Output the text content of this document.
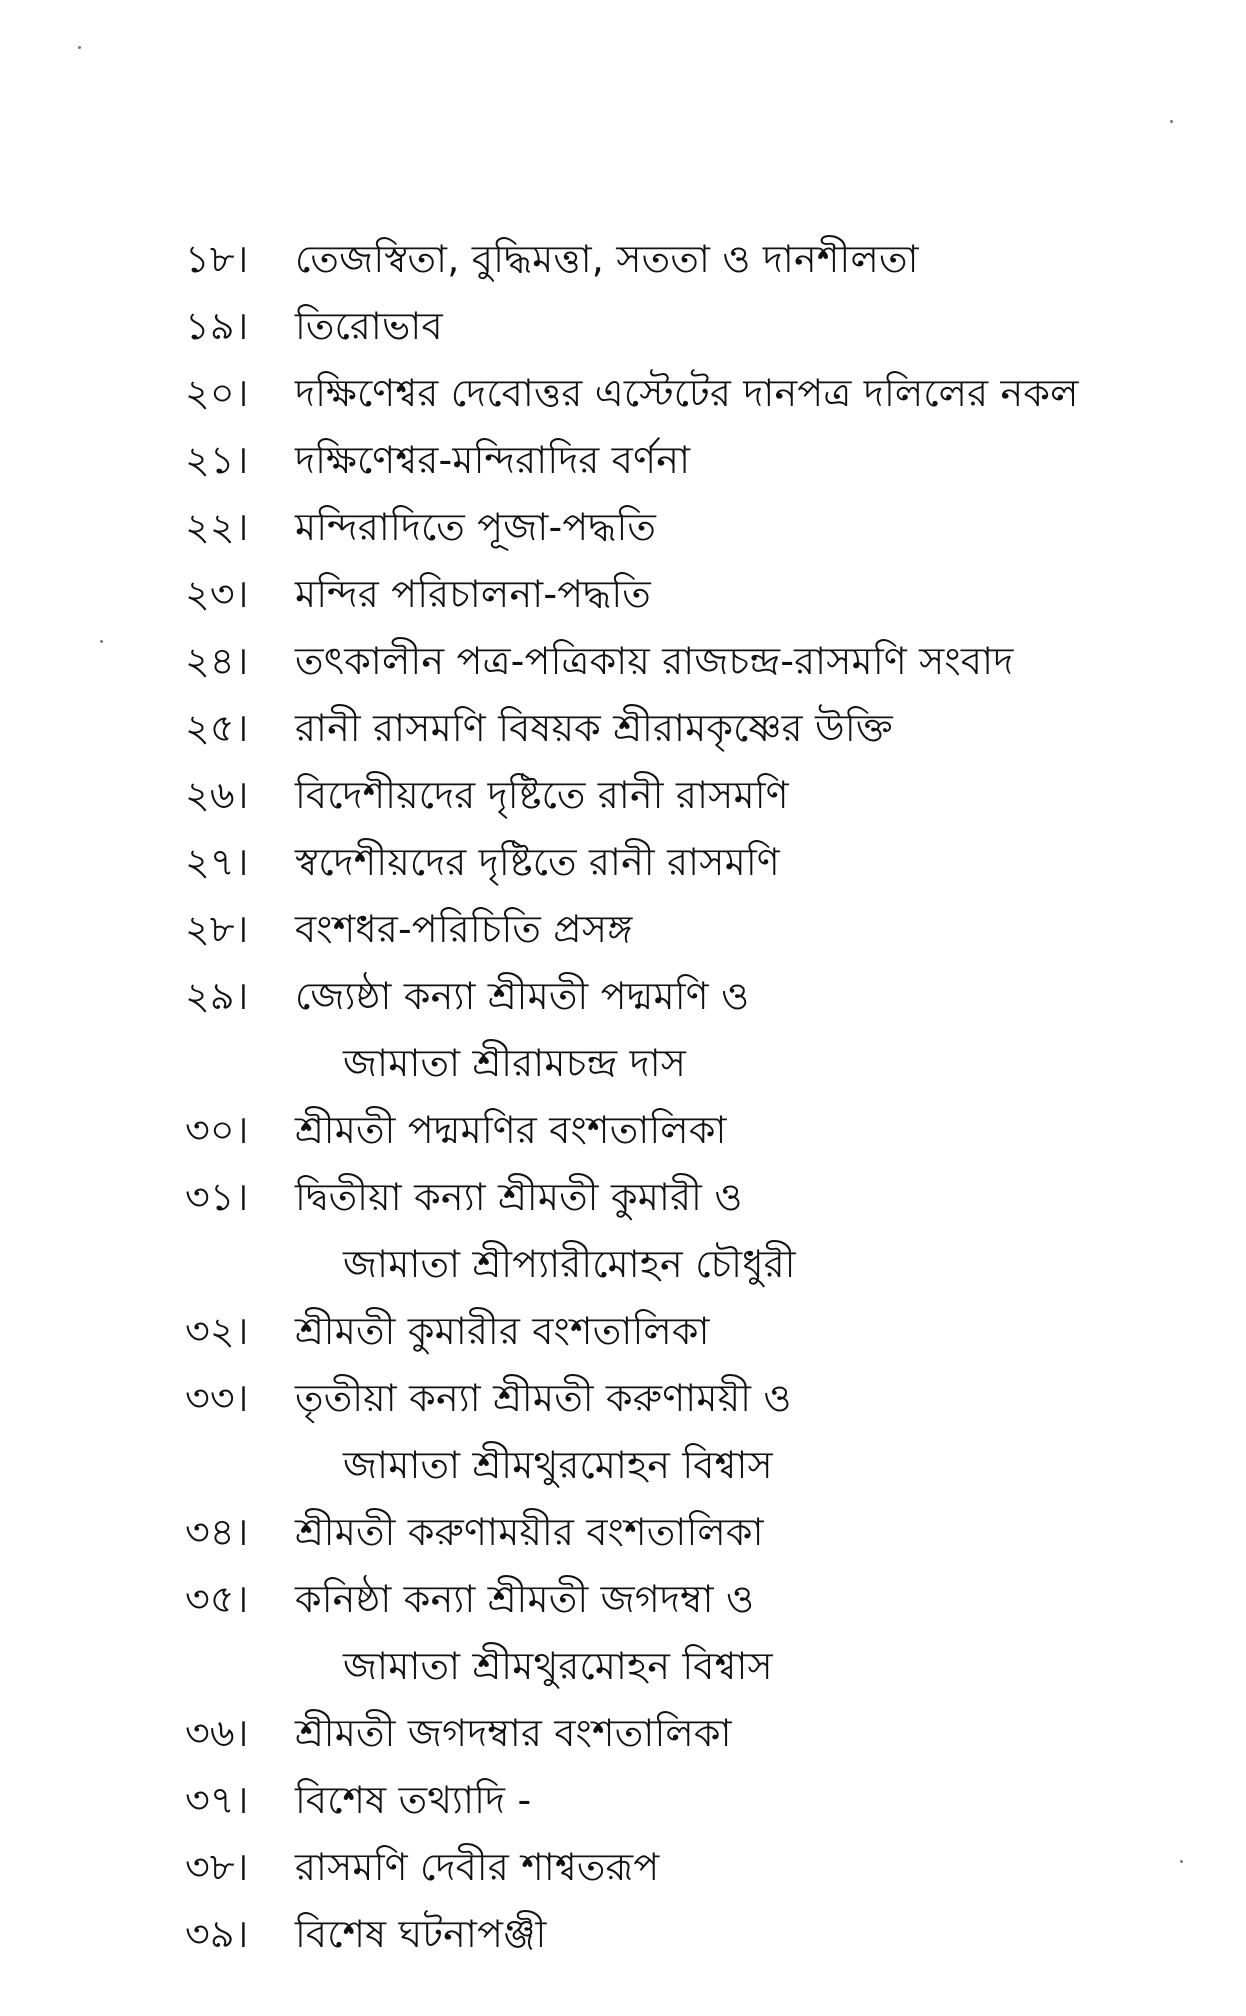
১৮।	তেজস্বিতা, বুদ্ধিমত্তা, সততা ও দানশীলতা
১৯।	তিরোভাব
২০।	দক্ষিণেশ্বর দেবোত্তর এস্টেটের দানপত্র দলিলের নকল
২১।	দক্ষিণেশ্বর-মন্দিরাদির বর্ণনা
২২।	মন্দিরাদিতে পূজা-পদ্ধতি
২৩।	মন্দির পরিচালনা-পদ্ধতি
২৪।	তৎকালীন পত্র-পত্রিকায় রাজচন্দ্র-রাসমণি সংবাদ
২৫।	রানী রাসমণি বিষয়ক শ্রীরামকৃষ্ণের উক্তি
২৬।	বিদেশীয়দের দৃষ্টিতে রানী রাসমণি
২৭।	স্বদেশীয়দের দৃষ্টিতে রানী রাসমণি
২৮।	বংশধর-পরিচিতি প্রসঙ্গ
২৯।	জ্যেষ্ঠা কন্যা শ্রীমতী পদ্মমণি ও
জামাতা শ্রীরামচন্দ্র দাস
৩০।	শ্রীমতী পদ্মমণির বংশতালিকা
৩১।	দ্বিতীয়া কন্যা শ্রীমতী কুমারী ও
জামাতা শ্রীপ্যারীমোহন চৌধুরী
৩২।	শ্রীমতী কুমারীর বংশতালিকা
৩৩।	তৃতীয়া কন্যা শ্রীমতী করুণাময়ী ও
জামাতা শ্রীমথুরমোহন বিশ্বাস
৩৪।	শ্রীমতী করুণাময়ীর বংশতালিকা
৩৫।	কনিষ্ঠা কন্যা শ্রীমতী জগদম্বা ও
জামাতা শ্রীমথুরমোহন বিশ্বাস
৩৬।	শ্রীমতী জগদম্বার বংশতালিকা
৩৭।	বিশেষ তথ্যাদি -
৩৮।	রাসমণি দেবীর শাশ্বতরূপ
৩৯।	বিশেষ ঘটনাপঞ্জী
